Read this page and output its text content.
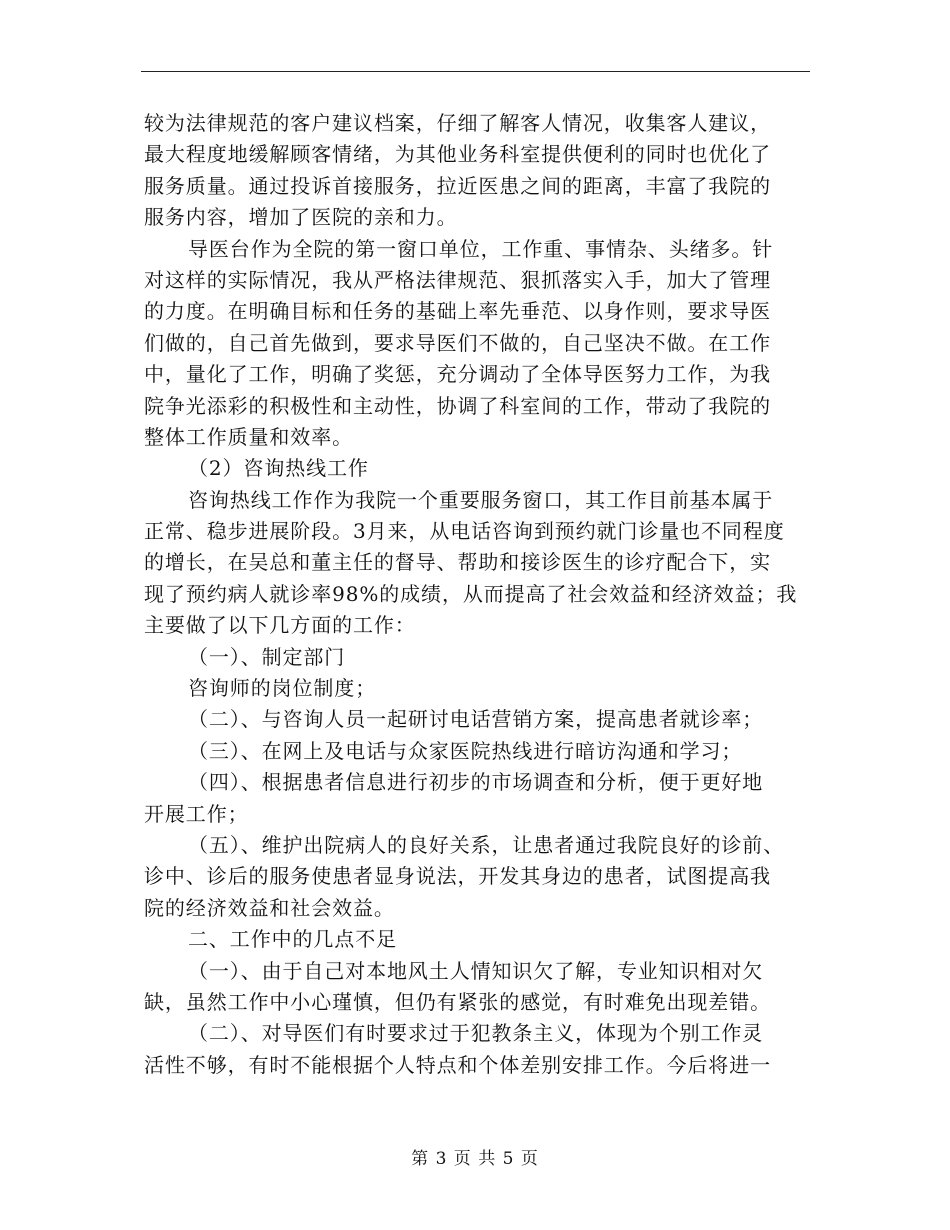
较为法律规范的客户建议档案，仔细了解客人情况，收集客人建议，
最大程度地缓解顾客情绪，为其他业务科室提供便利的同时也优化了
服务质量。通过投诉首接服务，拉近医患之间的距离，丰富了我院的
服务内容，增加了医院的亲和力。
导医台作为全院的第一窗口单位，工作重、事情杂、头绪多。针
对这样的实际情况，我从严格法律规范、狠抓落实入手，加大了管理
的力度。在明确目标和任务的基础上率先垂范、以身作则，要求导医
们做的，自己首先做到，要求导医们不做的，自己坚决不做。在工作
中，量化了工作，明确了奖惩，充分调动了全体导医努力工作，为我
院争光添彩的积极性和主动性，协调了科室间的工作，带动了我院的
整体工作质量和效率。
（2）咨询热线工作
咨询热线工作作为我院一个重要服务窗口，其工作目前基本属于
正常、稳步进展阶段。3月来，从电话咨询到预约就门诊量也不同程度
的增长，在吴总和董主任的督导、帮助和接诊医生的诊疗配合下，实
现了预约病人就诊率98%的成绩，从而提高了社会效益和经济效益；我
主要做了以下几方面的工作：
（一）、制定部门
咨询师的岗位制度；
（二）、与咨询人员一起研讨电话营销方案，提高患者就诊率；
（三）、在网上及电话与众家医院热线进行暗访沟通和学习；
（四）、根据患者信息进行初步的市场调查和分析，便于更好地
开展工作；
（五）、维护出院病人的良好关系，让患者通过我院良好的诊前、
诊中、诊后的服务使患者显身说法，开发其身边的患者，试图提高我
院的经济效益和社会效益。
二、工作中的几点不足
（一）、由于自己对本地风土人情知识欠了解，专业知识相对欠
缺，虽然工作中小心瑾慎，但仍有紧张的感觉，有时难免出现差错。
（二）、对导医们有时要求过于犯教条主义，体现为个别工作灵
活性不够，有时不能根据个人特点和个体差别安排工作。今后将进一
第 3 页 共 5 页
